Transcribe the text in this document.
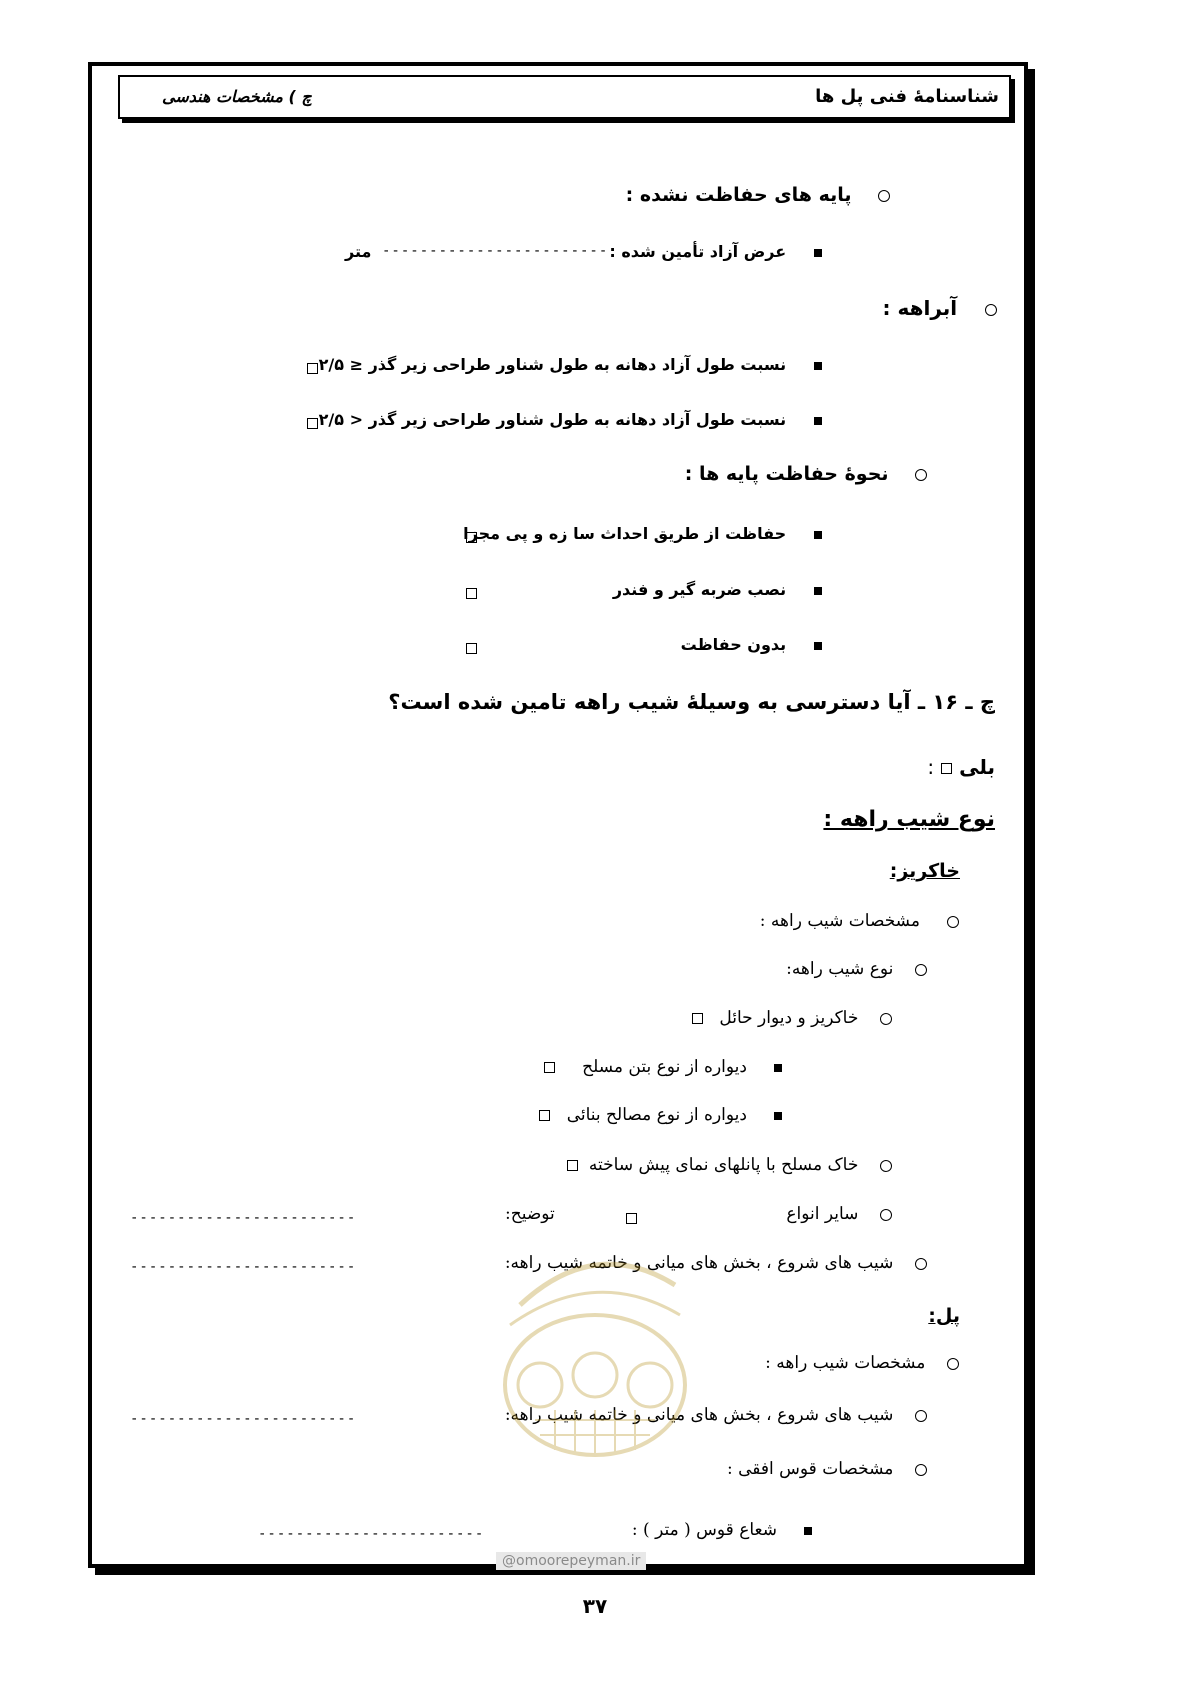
شناسنامهٔ فنی پل ها
چ ) مشخصات هندسی
پایه های حفاظت نشده :
عرض آزاد تأمین شده :
------------------------
متر
آبراهه :
نسبت طول آزاد دهانه به طول شناور طراحی زیر گذر ≤ ۲/۵
نسبت طول آزاد دهانه به طول شناور طراحی زیر گذر < ۲/۵
نحوهٔ حفاظت پایه ها :
حفاظت از طریق احداث سا زه و پی مجزا
نصب ضربه گیر و فندر
بدون حفاظت
چ ـ ۱۶ ـ آیا دسترسی به وسیلهٔ شیب راهه تامین شده است؟
بلی  :
نوع شیب راهه :
خاکریز:
مشخصات شیب راهه :
نوع شیب راهه:
خاکریز و دیوار حائل
دیواره از نوع بتن مسلح
دیواره از نوع مصالح بنائی
خاک مسلح با پانلهای نمای پیش ساخته
سایر انواع
توضیح:
------------------------
شیب های شروع ، بخش های میانی و خاتمه شیب راهه:
------------------------
پل:
مشخصات شیب راهه :
شیب های شروع ، بخش های میانی و خاتمه شیب راهه:
------------------------
مشخصات قوس افقی :
شعاع قوس ( متر ) :
------------------------
@omoorepeyman.ir
۳۷
